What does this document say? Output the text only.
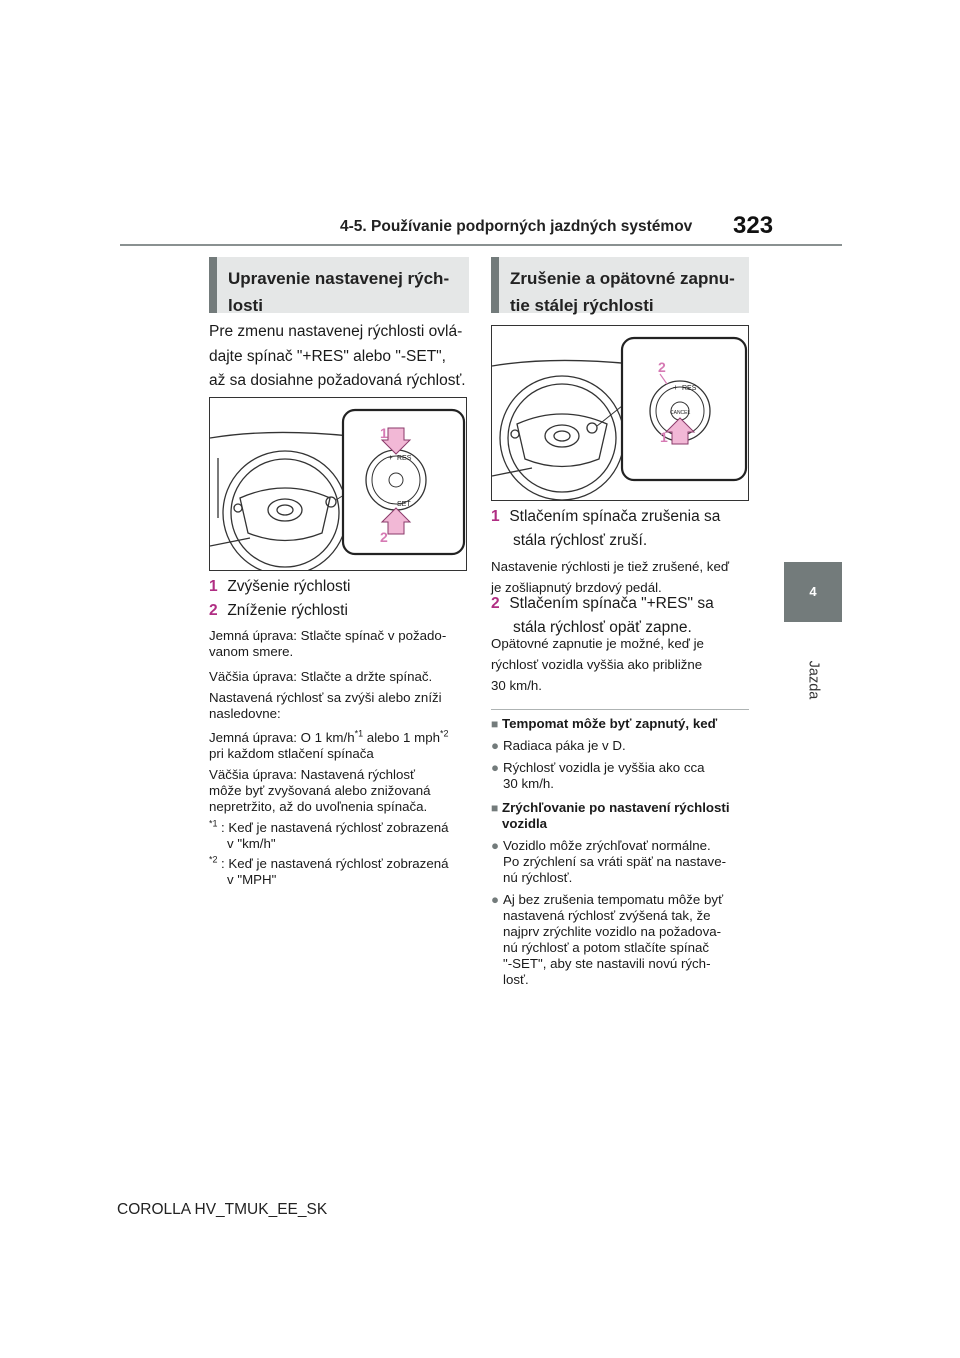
4-5. Používanie podporných jazdných systémov 323
4
Jazda
Upravenie nastavenej rých-
losti
Pre zmenu nastavenej rýchlosti ovlá-
dajte spínač "+RES" alebo "-SET",
až sa dosiahne požadovaná rýchlosť.
RES
SET
+
−
1
2
1 Zvýšenie rýchlosti
2 Zníženie rýchlosti
Jemná úprava: Stlačte spínač v požado-
vanom smere.
Väčšia úprava: Stlačte a držte spínač.
Nastavená rýchlosť sa zvýši alebo zníži
nasledovne:
Jemná úprava: O 1 $km/h^{*1}$ alebo 1 mph$^{*2}$
pri každom stlačení spínača
Väčšia úprava: Nastavená rýchlosť
môže byť zvyšovaná alebo znižovaná
nepretržito, až do uvoľnenia spínača.
$^{*1}$ : Keď je nastavená rýchlosť zobrazená
v "km/h"
$^{*2}$ : Keď je nastavená rýchlosť zobrazená
v "MPH"
Zrušenie a opätovné zapnu-
tie stálej rýchlosti
RES
+
CANCEL
2
1
1 Stlačením spínača zrušenia sa
stála rýchlosť zruší.
Nastavenie rýchlosti je tiež zrušené, keď
je zošliapnutý brzdový pedál.
2 Stlačením spínača "+RES" sa
stála rýchlosť opäť zapne.
Opätovné zapnutie je možné, keď je
rýchlosť vozidla vyššia ako približne
30 km/h.
■ Tempomat môže byť zapnutý, keď
● Radiaca páka je v D.
● Rýchlosť vozidla je vyššia ako cca
30 km/h.
■ Zrýchľovanie po nastavení rýchlosti
vozidla
● Vozidlo môže zrýchľovať normálne.
Po zrýchlení sa vráti späť na nastave-
nú rýchlosť.
● Aj bez zrušenia tempomatu môže byť
nastavená rýchlosť zvýšená tak, že
najprv zrýchlite vozidlo na požadova-
nú rýchlosť a potom stlačíte spínač
"-SET", aby ste nastavili novú rých-
losť.
COROLLA HV_TMUK_EE_SK
